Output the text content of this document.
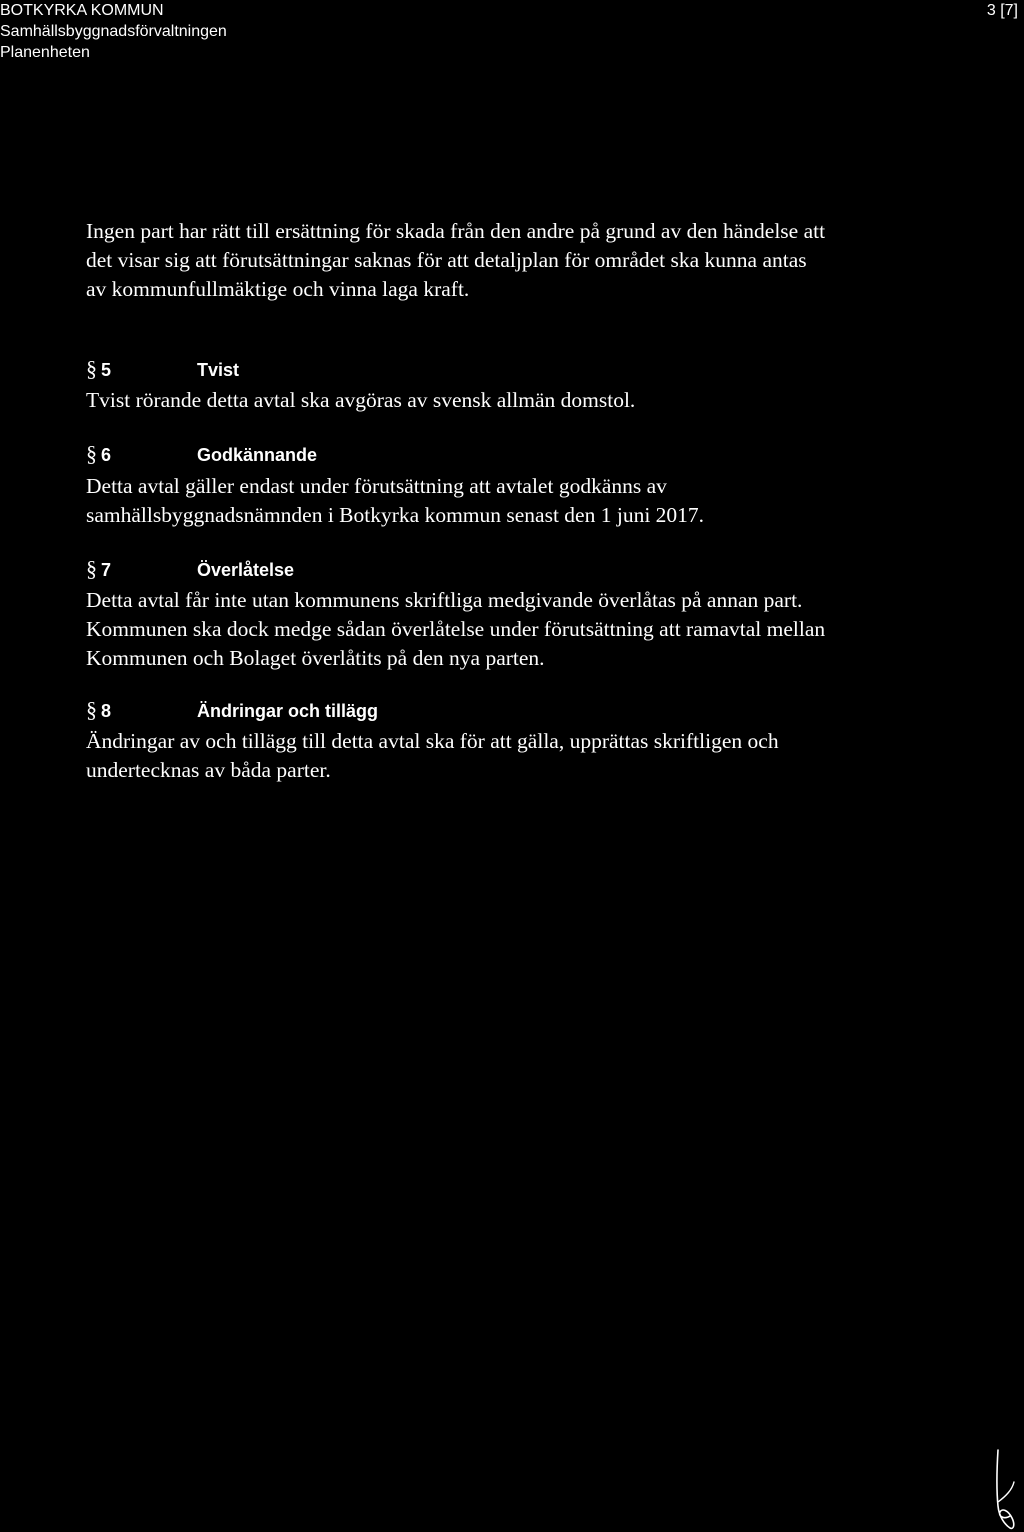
BOTKYRKA KOMMUN
Samhällsbyggnadsförvaltningen
Planenheten
3 [7]

Ingen part har rätt till ersättning för skada från den andre på grund av den händelse att det visar sig att förutsättningar saknas för att detaljplan för området ska kunna antas av kommunfullmäktige och vinna laga kraft.

§ 5	Tvist

Tvist rörande detta avtal ska avgöras av svensk allmän domstol.

§ 6	Godkännande

Detta avtal gäller endast under förutsättning att avtalet godkänns av samhällsbyggnadsnämnden i Botkyrka kommun senast den 1 juni 2017.

§ 7	Överlåtelse

Detta avtal får inte utan kommunens skriftliga medgivande överlåtas på annan part. Kommunen ska dock medge sådan överlåtelse under förutsättning att ramavtal mellan Kommunen och Bolaget överlåtits på den nya parten.

§ 8	Ändringar och tillägg

Ändringar av och tillägg till detta avtal ska för att gälla, upprättas skriftligen och undertecknas av båda parter.
